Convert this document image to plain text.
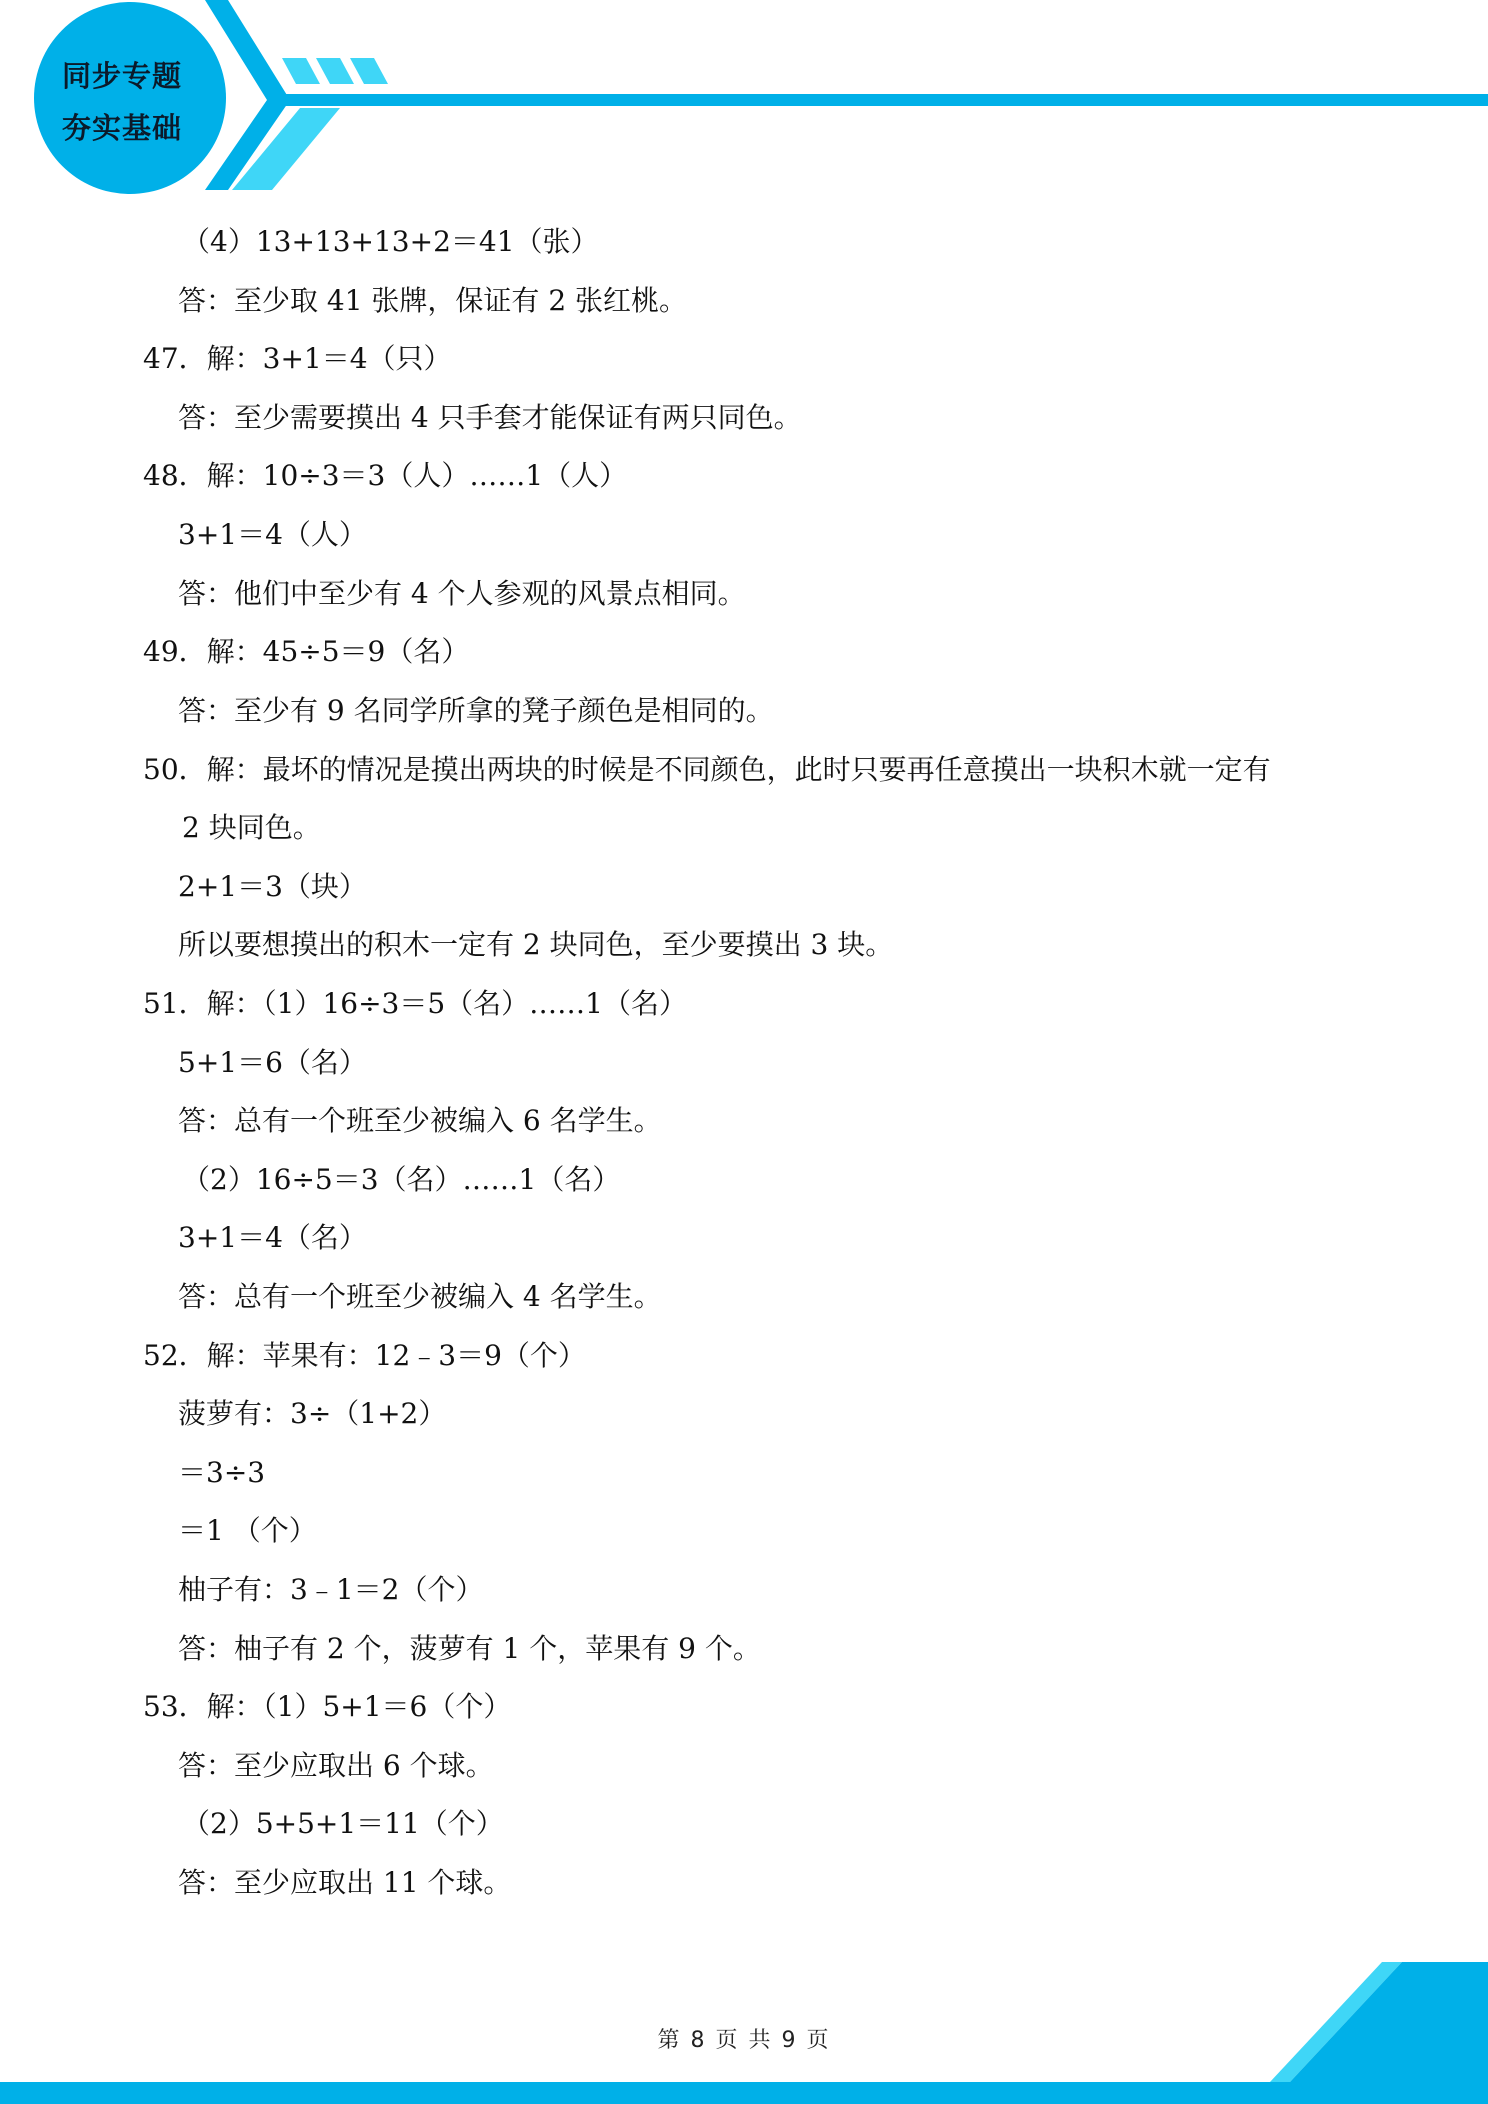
同步专题
夯实基础
（4）13+13+13+2＝41（张）
答：至少取 41 张牌，保证有 2 张红桃。
47．解：3+1＝4（只）
答：至少需要摸出 4 只手套才能保证有两只同色。
48．解：10÷3＝3（人）……1（人）
3+1＝4（人）
答：他们中至少有 4 个人参观的风景点相同。
49．解：45÷5＝9（名）
答：至少有 9 名同学所拿的凳子颜色是相同的。
50．解：最坏的情况是摸出两块的时候是不同颜色，此时只要再任意摸出一块积木就一定有
2 块同色。
2+1＝3（块）
所以要想摸出的积木一定有 2 块同色，至少要摸出 3 块。
51．解：（1）16÷3＝5（名）……1（名）
5+1＝6（名）
答：总有一个班至少被编入 6 名学生。
（2）16÷5＝3（名）……1（名）
3+1＝4（名）
答：总有一个班至少被编入 4 名学生。
52．解：苹果有：12﹣3＝9（个）
菠萝有：3÷（1+2）
＝3÷3
＝1 （个）
柚子有：3﹣1＝2（个）
答：柚子有 2 个，菠萝有 1 个，苹果有 9 个。
53．解：（1）5+1＝6（个）
答：至少应取出 6 个球。
（2）5+5+1＝11（个）
答：至少应取出 11 个球。
第 8 页 共 9 页
